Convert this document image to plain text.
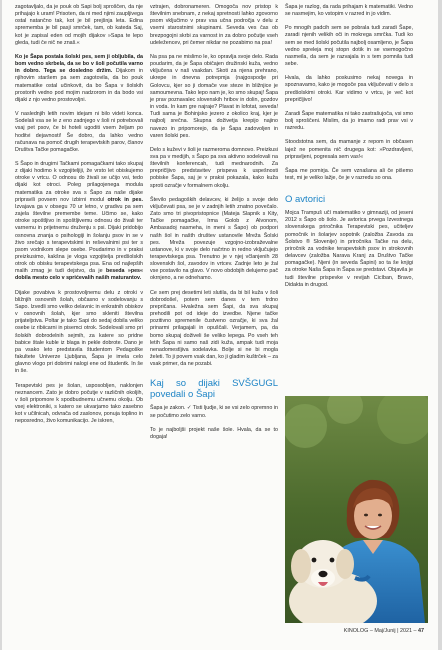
zagotavljalo, da je pouk ob Sapi bolj sproščen, da nje prihajajo k uram! Prisoten, da ni med njimi zaupljivega ostal natančno tak, kot je bil prejšnja leta. Edina sprememba je bil pasji smrček, tam, ob kateda Saj, kot je zapisal eden od mojih dijakov »Sapa te lepo gleda, tudi če nič ne znaš.«

Ko je Šapa postala šolski pes, sem ji obljubila, da bom vedno skrbela, da se bo v šoli počutila varno in dobro. Tega se dosledno držim. Dijakom in njihovim staršem pa sem zagotovila, da bo pouk matematike ostal učinkovit, da bo Šapa v šolskih prostorih vedno pod mojim nadzorom in da bodo vsi dijaki z njo vedno prostovoljni.

V naslednjih letih novim idejam ni bilo videti konca. Sodelali vsa se le z eno zadnjego v šoli ni potrebovali vsaj pet psov, če bi hoteli ugoditi vsem željam po hoditvi dejavnosti! Še dobro, da lahko vedno računava na pomoč drugih terapevtskih parov, članov Društva Tačke pomagačke.

S Šapo in drugimi Tačkami pomagačkami tako skupaj z dijaki hodimo k vzgojiteljiji, že vrsto let obiskujemo otroke v vrtcu. O odnosu do živali se učijo vsi, tedo dijaki kot otroci. Poleg prilagojenega modula matematika za otroke sva s Šapo za naše dijake pripravili povsem nov izbirni modul otrok in pes. Izvajava ga v obsegu 70 ur letno, v gradivu pa sem zajela številne premembe teme. Učimo se, kako otroke spoštljivo in spoštljivemu odnosu do živali ter varnemu in prijetnemu druženju s psi. Dijaki pridobijo osnovna znanja o psihologiji in šolanju psov in se v živo srečajo s terapevtskimi in reševalnimi psi ter s psom vodnikom slepe osebe. Poudarimo in v praksi preizkusimo, kakšna je vloga vzgojitelja predšolskih otrok ob obisku terapevtskega psa. Ena od najlepših malih zmag je tudi dejstvo, da je beseda »pes« dobila mesto celo v sprićevalih naših maturantov.

Dijake povabiva k prostovoljnemu delu z otroki v bližnjih osnovnih šolah, občasno v sodelovanju s Sapo. Izvedli smo veliko delavnic in enkratnih obiskov v osnovnih šolah, kjer smo skleniti številna prijateljstva. Poltar je tako Sapi do sedaj dobila veliko osebe iz ribiicarni in pisemci otrok. Sodelovali smo pri šolskih dobrodelnih sejmih, za katere so pridne babice štale kuble iz blaga in pekle dobrote. Dano je pa vsako leto predstavila študentom Pedagoške fakultete Univerze Ljubljana, Šapa je imela celo glavno vlogo pri dobrimi nalogi ene od študentk. In še in še.

Terapevtski pes je šolan, usposobljen, naklonjen neznancem. Zato je dobro počutje v različnih okoljih, v šoli pripomore k spodbudnemu učnemu okolju. Ob vsej elektroniki, s katero se ukvarjamo tako zasebno kot v učilnicah, odvrača od zaslonov, ponuja toplino in neposredno, živo komunikacijo. Je iskren,

vztrajen, dobronameren. Omogoča nov pristop k številnim snebnam, z nekaj spretnosti lahko zgovorno psom vključimo v prav vsa učna področja v delu z vsemi starostnimi skupinami. Seveda ves čas ob brezpogojni skrbi za varnost in za dobro počutje vseh udeležencev, pri čemer nikdar ne pozabimo na psa!

Na psa pa ne mislimo le, ko opravlja svoje delo. Rada poudarim, da je Šapa običajen družinski kuža, vedno vključena v naš vsakdan. Skoti za njena prehrano, ukrepe in dnevna potrepmja (najgospodje pri Golovcu, kjer so ji domače vse steze in bližnjice je samoumevna. Tako lepo nam je, ko smo skupaj! Šapa je prav poznavalec slovenskih hribov in dolin, gozdov in voda. In kam gre najraje? Plavat in lofotat, seveda! Tudi sama je Bohinjsko jezero z okolico kraj, kjer je najbolj srečna. Skupna doživetja krepijo najino navezo in pripomorejo, da je Šapa zadovoljen in varen šolski pes.

Delo s kuževi v šoli je razmeroma domnovo. Preizkusi sva pa v medijih, s Šapo pa sva aktivno sodelovali na številnih konferencah, tudi mednarodnih. Za prepričljivo predstavitev prispeva k uspešnosti pobiske Šapa, saj je v praksi pokazala, kako kuža sproti ozračje v formalnem okolju.

Število pedagoških delavcev, ki želijo s svoje delo vključevati psa, se je v zadnjih letih znatno povečalo. Zato smo tri pivopristopnice (Mateja Slapnik s Kity, Tačke pomagačke, Irma Golob z Alvonom, Ambasadoj nasmeha, in meni s Šapo) ob podpori našh šol in našth društev ustanovile Mreža Šolski pes. Mreža povezuje vzgojno-izobraževalne ustanove, ki v svoje delo načrtno in redno vključujejo terapevtskega psa. Trenutno je v njej včlanjenih 28 slovenskih šol, zavodov in vrtcev. Zadnje leto je žal vse postavilo na glavo. V novo obdobjih delujemo pač okrnjeno, a ne odnehamo.

Ce sem prej desetimi leti slutila, da bi bil kuža v šoli dobrodošel, potem sem danes v tem trdno prepričana. Hvaležna sem Šapi, da sva skupaj prehodili pot od ideje do izvedbe. Njene tačke pozitivno spremenile čustveno ozračje, ki sva žal prinarmi prilagajali in opuščali. Verjamem, pa, da bomo skupaj doživeli še veliko lepega. Po vseh teh letih Šapa ni samo naš zidi kuža, ampak tudi moja nenadomestljiva sodelavka. Bolje si ne bi mogla želeti. To ji povem vsak dan, ko ji gladim kuštrček – za vsak primer, da ne pozabi.

Kaj so dijaki SVŠGUGL povedali o Šapi

Šapa je zakon. ✓ Tisti ljudje, ki se vsi zelo opremno in se počutimo zelo varno.

To je najboljši projekt naše šole. Hvala, da se to dogaja!

Šapa je razlog, da rada prihajam k matematiki. Vedno se nasmejim, ko vstopim v razred in jo vidim.

Po mnogih padcih sem se pobrala tudi zaradi Šape, zaradi njenih velikih oči in mokrega smrčka. Tudi ko sem se med šolski počutila najbolj osamljeno, je Šapa vedno spreleja moj stopn dotik in se vsemogočno nasmeila, da sem je razvajala in s tem pomnila tudi sebe.

Hvala, da lahko poskusimo nekaj novega in spoznavamo, kako je mogoče psa vključevati v delo s predšolskimi otroki. Kar vidimo v vrtcu, je več kot prepričljivo!

Zaradi Šape matematika ni tako zastrašujoča, vsi smo bolj sproščeni. Mislim, da jo imamo radi prav vsi v razredu.

Stoodstotna sem, da mamanje z repom in občasen lajež ne pomenita nič drugega kot: »Pozdravljeni, pripravljeni, pogresala sem vas!«

Šapa me pomirja. Če sem vznašana ali če pišemo test, mi je veliko lažje, če je v razredu so ona.

O avtorici

Mojca Trampuš učí matematiko v gimnaziji, od jeseni 2012 s Šapo ob šolo. Je avtorica prvega Izvestnega slovenskega priročnika Terapevtski pes, učiteljev pomočnik in šolarjev sopotnik (založba Zavoda za Šolstvo ® Slovenije) in priročnika Tačke na delu, priročnik za vodnike terapevtskih psov in strokovnih delavcev (založba Narava Kranj za Društvo Tačke pomagačke). Njeni (in seveda Šapini) so ta še knjigi za otroke Naša Šapa in Šapa se predstavi. Objavila je tudi številne prispevke v revijah Cicíban, Bravo, Didakta in drugod.

KINOLOG – Maj/Junij | 2021 – 47
